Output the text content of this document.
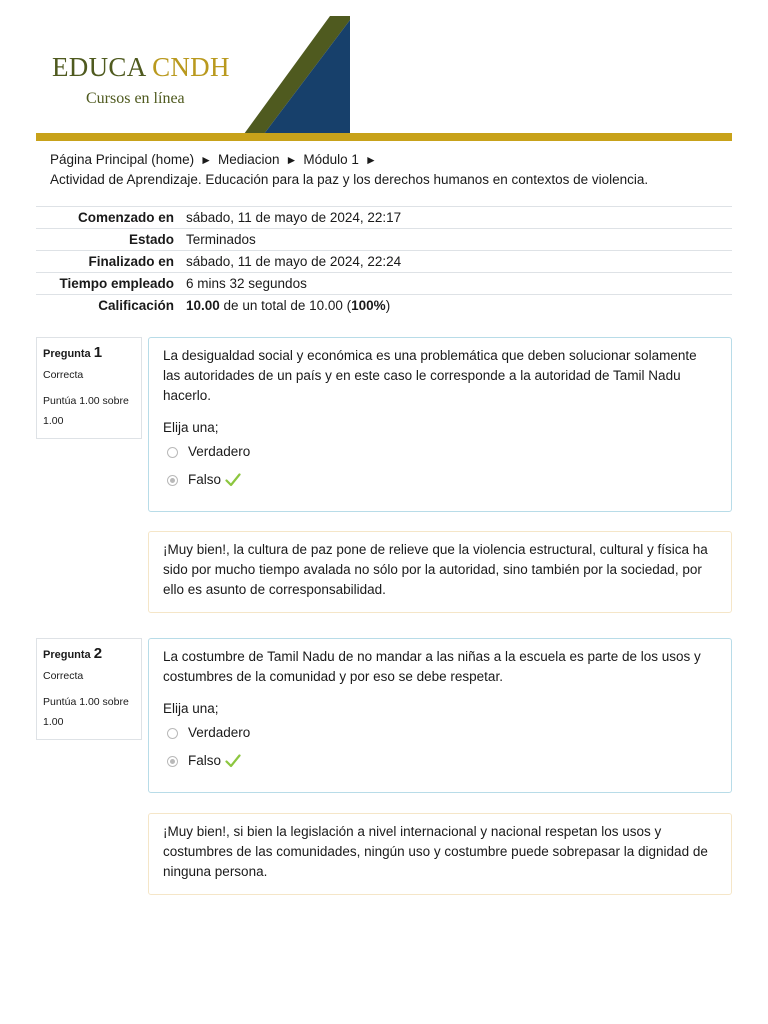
EDUCA CNDH
Cursos en línea
Página Principal (home) ► Mediacion ► Módulo 1 ►
Actividad de Aprendizaje. Educación para la paz y los derechos humanos en contextos de violencia.
Comenzado en	sábado, 11 de mayo de 2024, 22:17
Estado	Terminados
Finalizado en	sábado, 11 de mayo de 2024, 22:24
Tiempo empleado	6 mins 32 segundos
Calificación	10.00 de un total de 10.00 (100%)
Pregunta 1
Correcta
Puntúa 1.00 sobre 1.00
La desigualdad social y económica es una problemática que deben solucionar solamente las autoridades de un país y en este caso le corresponde a la autoridad de Tamil Nadu hacerlo.
Elija una;
Verdadero
Falso
¡Muy bien!, la cultura de paz pone de relieve que la violencia estructural, cultural y física ha sido por mucho tiempo avalada no sólo por la autoridad, sino también por la sociedad, por ello es asunto de corresponsabilidad.
Pregunta 2
Correcta
Puntúa 1.00 sobre 1.00
La costumbre de Tamil Nadu de no mandar a las niñas a la escuela es parte de los usos y costumbres de la comunidad y por eso se debe respetar.
Elija una;
Verdadero
Falso
¡Muy bien!, si bien la legislación a nivel internacional y nacional respetan los usos y costumbres de las comunidades, ningún uso y costumbre puede sobrepasar la dignidad de ninguna persona.
